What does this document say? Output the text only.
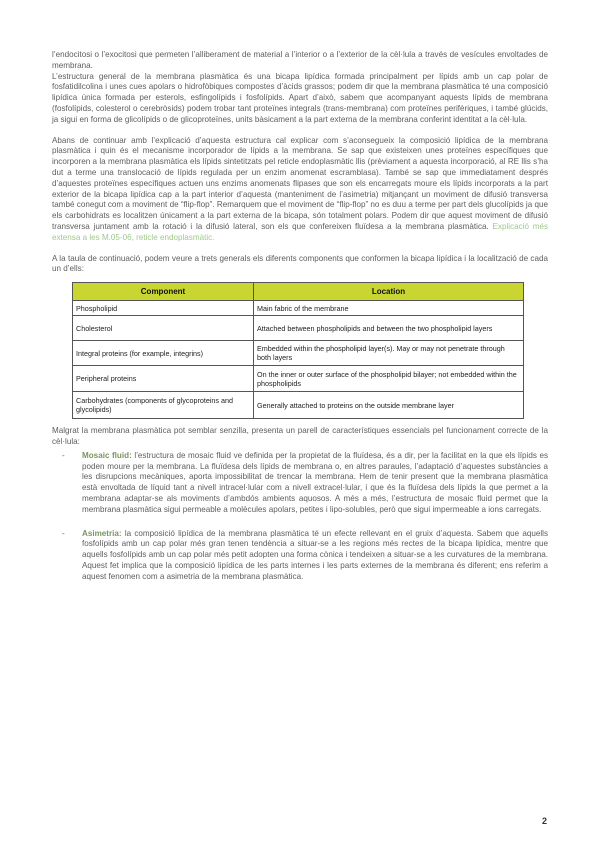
l’endocitosi o l’exocitosi que permeten l’alliberament de material a l’interior o a l’exterior de la cèl·lula a través de vesícules envoltades de membrana.

L’estructura general de la membrana plasmàtica és una bicapa lipídica formada principalment per lípids amb un cap polar de fosfatidilcolina i unes cues apolars o hidrofòbiques compostes d’àcids grassos; podem dir que la membrana plasmàtica té una composició lipídica única formada per esterols, esfingolípids i fosfolípids. Apart d’això, sabem que acompanyant aquests lípids de membrana (fosfolípids, colesterol o cerebròsids) podem trobar tant proteïnes integrals (trans-membrana) com proteïnes perifèriques, i també glúcids, ja sigui en forma de glicolípids o de glicoproteïnes, units bàsicament a la part externa de la membrana conferint identitat a la cèl·lula.

Abans de continuar amb l’explicació d’aquesta estructura cal explicar com s’aconsegueix la composició lipídica de la membrana plasmàtica i quin és el mecanisme incorporador de lípids a la membrana. Se sap que existeixen unes proteïnes específiques que incorporen a la membrana plasmàtica els lípids sintetitzats pel reticle endoplasmàtic llis (prèviament a aquesta incorporació, al RE llis s’ha dut a terme una translocació de lípids regulada per un enzim anomenat escramblasa). També se sap que immediatament després d’aquestes proteïnes específiques actuen uns enzims anomenats flipases que son els encarregats moure els lípids incorporats a la part exterior de la bicapa lipídica cap a la part interior d’aquesta (manteniment de l’asimetria) mitjançant un moviment de difusió transversa també conegut com a moviment de “flip-flop”. Remarquem que el moviment de “flip-flop” no es duu a terme per part dels glucolípids ja que els carbohidrats es localitzen únicament a la part externa de la bicapa, són totalment polars. Podem dir que aquest moviment de difusió transversa juntament amb la rotació i la difusió lateral, son els que confereixen fluïdesa a la membrana plasmàtica. Explicació més extensa a les M.05-06, reticle endoplasmàtic.

A la taula de continuació, podem veure a trets generals els diferents components que conformen la bicapa lipídica i la localització de cada un d’ells:

Component	Location
Phospholipid	Main fabric of the membrane
Cholesterol	Attached between phospholipids and between the two phospholipid layers
Integral proteins (for example, integrins)	Embedded within the phospholipid layer(s). May or may not penetrate through both layers
Peripheral proteins	On the inner or outer surface of the phospholipid bilayer; not embedded within the phospholipids
Carbohydrates (components of glycoproteins and glycolipids)	Generally attached to proteins on the outside membrane layer

Malgrat la membrana plasmàtica pot semblar senzilla, presenta un parell de característiques essencials pel funcionament correcte de la cèl·lula:

-	Mosaic fluid: l’estructura de mosaic fluid ve definida per la propietat de la fluïdesa, és a dir, per la facilitat en la que els lípids es poden moure per la membrana. La fluïdesa dels lípids de membrana o, en altres paraules, l’adaptació d’aquestes substàncies a les disrupcions mecàniques, aporta impossibilitat de trencar la membrana. Hem de tenir present que la membrana plasmàtica està envoltada de líquid tant a nivell intracel·lular com a nivell extracel·lular, i que és la fluïdesa dels lípids la que permet a la membrana adaptar-se als moviments d’ambdós ambients aquosos. A més a més, l’estructura de mosaic fluid permet que la membrana plasmàtica sigui permeable a molècules apolars, petites i lipo-solubles, però que sigui impermeable a ions carregats.

-	Asimetria: la composició lipídica de la membrana plasmàtica té un efecte rellevant en el gruix d’aquesta. Sabem que aquells fosfolípids amb un cap polar més gran tenen tendència a situar-se a les regions més rectes de la bicapa lipídica, mentre que aquells fosfolípids amb un cap polar més petit adopten una forma cònica i tendeixen a situar-se a les curvatures de la membrana. Aquest fet implica que la composició lipídica de les parts internes i les parts externes de la membrana és diferent; ens referim a aquest fenomen com a asimetria de la membrana plasmàtica.

2
